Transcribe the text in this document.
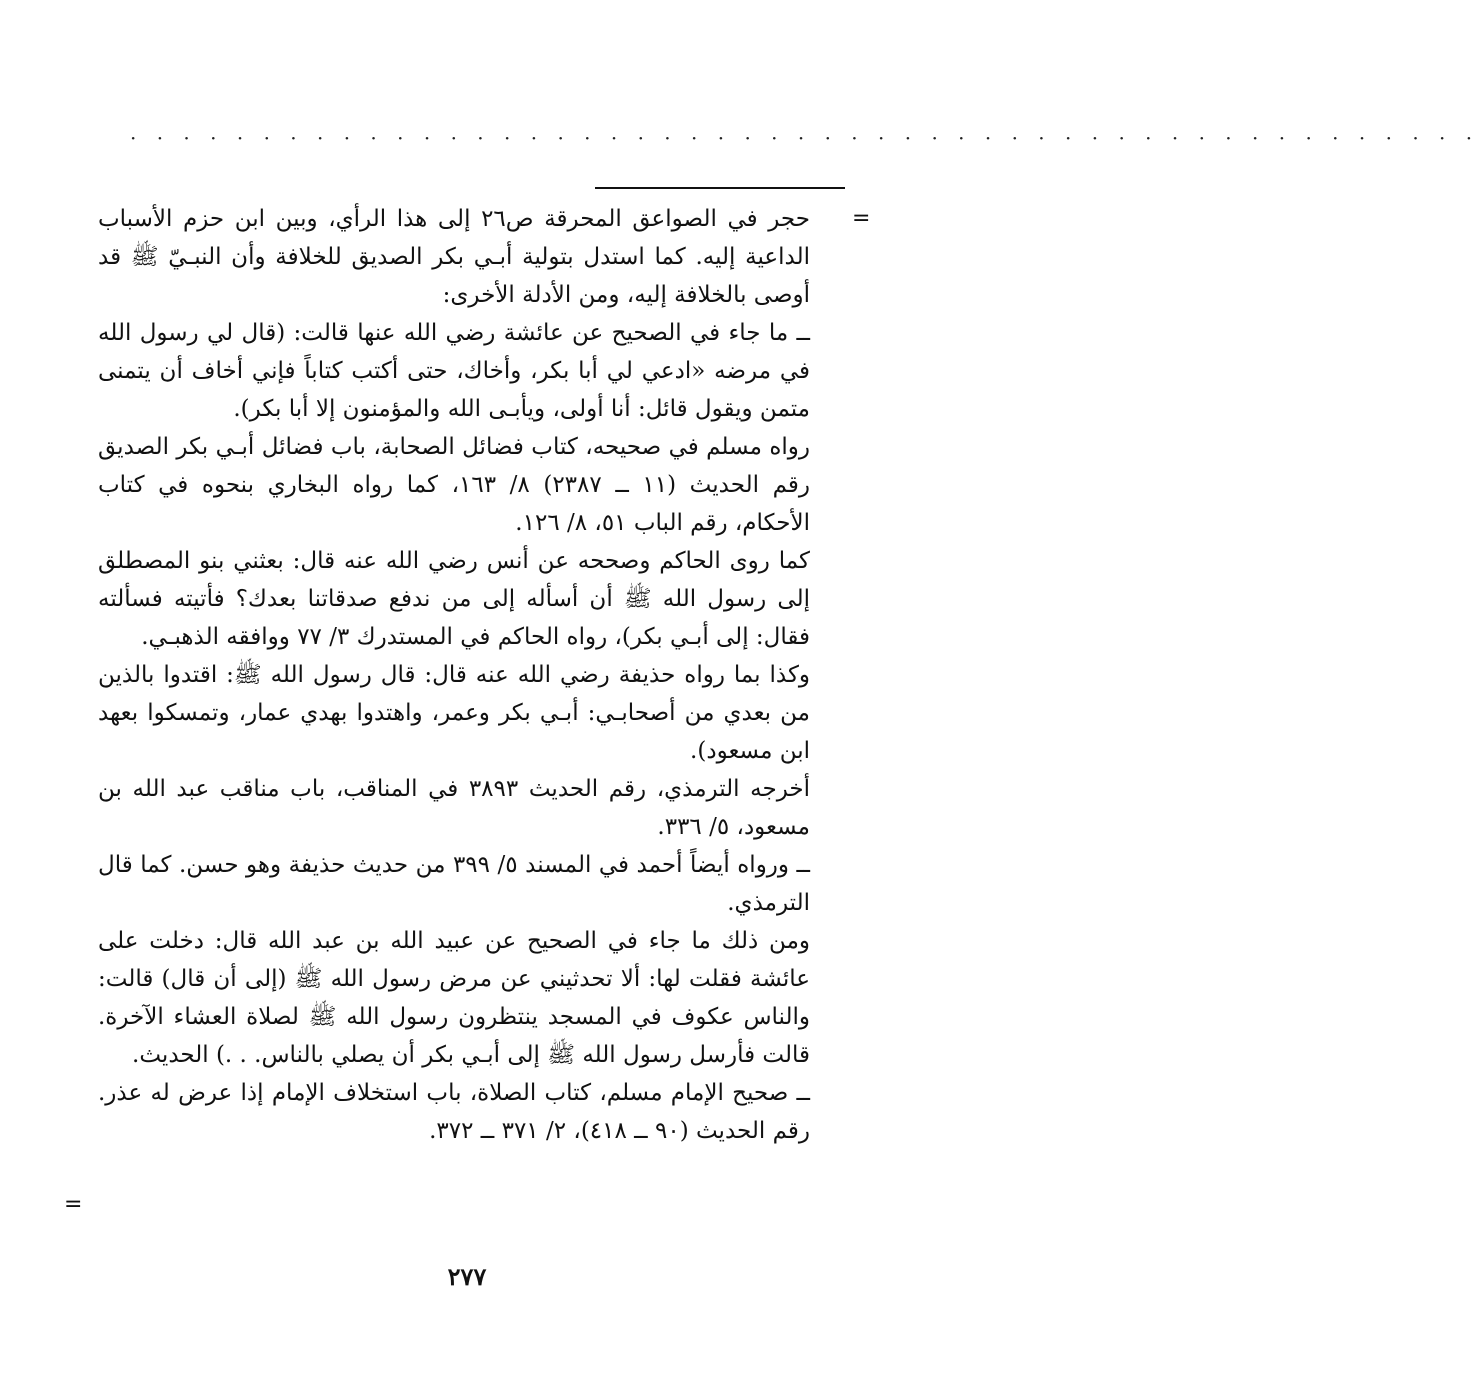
· · · · · · · · · · · · · · · · · · · · · · · · · · · · · · · · · · · · · · · · · · · · · · · · · · ·
=
=

حجر في الصواعق المحرقة ص٢٦ إلى هذا الرأي، وبين ابن حزم الأسباب الداعية إليه. كما استدل بتولية أبـي بكر الصديق للخلافة وأن النبـيّ ﷺ قد أوصى بالخلافة إليه، ومن الأدلة الأخرى:

ــ ما جاء في الصحيح عن عائشة رضي الله عنها قالت: (قال لي رسول الله في مرضه «ادعي لي أبا بكر، وأخاك، حتى أكتب كتاباً فإني أخاف أن يتمنى متمن ويقول قائل: أنا أولى، ويأبـى الله والمؤمنون إلا أبا بكر).

رواه مسلم في صحيحه، كتاب فضائل الصحابة، باب فضائل أبـي بكر الصديق رقم الحديث (١١ ــ ٢٣٨٧) ٨/ ١٦٣، كما رواه البخاري بنحوه في كتاب الأحكام، رقم الباب ٥١، ٨/ ١٢٦.

كما روى الحاكم وصححه عن أنس رضي الله عنه قال: بعثني بنو المصطلق إلى رسول الله ﷺ أن أسأله إلى من ندفع صدقاتنا بعدك؟ فأتيته فسألته فقال: إلى أبـي بكر)، رواه الحاكم في المستدرك ٣/ ٧٧ ووافقه الذهبـي.

وكذا بما رواه حذيفة رضي الله عنه قال: قال رسول الله ﷺ: اقتدوا بالذين من بعدي من أصحابـي: أبـي بكر وعمر، واهتدوا بهدي عمار، وتمسكوا بعهد ابن مسعود).

أخرجه الترمذي، رقم الحديث ٣٨٩٣ في المناقب، باب مناقب عبد الله بن مسعود، ٥/ ٣٣٦.

ــ ورواه أيضاً أحمد في المسند ٥/ ٣٩٩ من حديث حذيفة وهو حسن. كما قال الترمذي.

ومن ذلك ما جاء في الصحيح عن عبيد الله بن عبد الله قال: دخلت على عائشة فقلت لها: ألا تحدثيني عن مرض رسول الله ﷺ (إلى أن قال) قالت: والناس عكوف في المسجد ينتظرون رسول الله ﷺ لصلاة العشاء الآخرة. قالت فأرسل رسول الله ﷺ إلى أبـي بكر أن يصلي بالناس. . .) الحديث.

ــ صحيح الإمام مسلم، كتاب الصلاة، باب استخلاف الإمام إذا عرض له عذر. رقم الحديث (٩٠ ــ ٤١٨)، ٢/ ٣٧١ ــ ٣٧٢.

٢٧٧
